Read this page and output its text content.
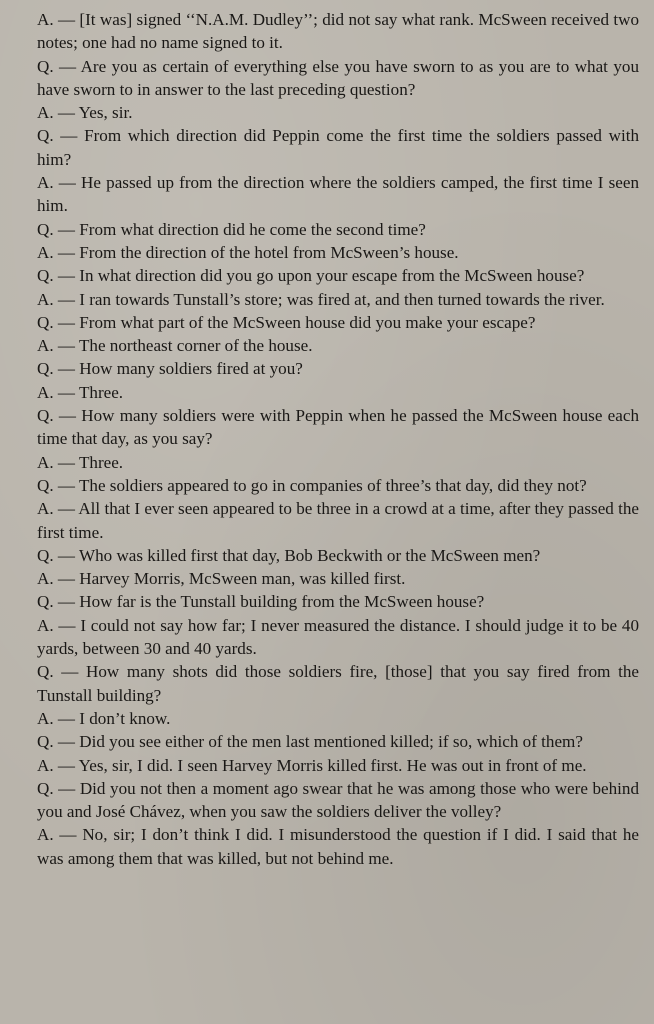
A. — [It was] signed ‘‘N.A.M. Dudley’’; did not say what rank. McSween received two notes; one had no name signed to it.

Q. — Are you as certain of everything else you have sworn to as you are to what you have sworn to in answer to the last preceding question?

A. — Yes, sir.

Q. — From which direction did Peppin come the first time the soldiers passed with him?

A. — He passed up from the direction where the soldiers camped, the first time I seen him.

Q. — From what direction did he come the second time?

A. — From the direction of the hotel from McSween’s house.

Q. — In what direction did you go upon your escape from the McSween house?

A. — I ran towards Tunstall’s store; was fired at, and then turned towards the river.

Q. — From what part of the McSween house did you make your escape?

A. — The northeast corner of the house.

Q. — How many soldiers fired at you?

A. — Three.

Q. — How many soldiers were with Peppin when he passed the McSween house each time that day, as you say?

A. — Three.

Q. — The soldiers appeared to go in companies of three’s that day, did they not?

A. — All that I ever seen appeared to be three in a crowd at a time, after they passed the first time.

Q. — Who was killed first that day, Bob Beckwith or the McSween men?

A. — Harvey Morris, McSween man, was killed first.

Q. — How far is the Tunstall building from the McSween house?

A. — I could not say how far; I never measured the distance. I should judge it to be 40 yards, between 30 and 40 yards.

Q. — How many shots did those soldiers fire, [those] that you say fired from the Tunstall building?

A. — I don’t know.

Q. — Did you see either of the men last mentioned killed; if so, which of them?

A. — Yes, sir, I did. I seen Harvey Morris killed first. He was out in front of me.

Q. — Did you not then a moment ago swear that he was among those who were behind you and José Chávez, when you saw the soldiers deliver the volley?

A. — No, sir; I don’t think I did. I misunderstood the question if I did. I said that he was among them that was killed, but not behind me.
